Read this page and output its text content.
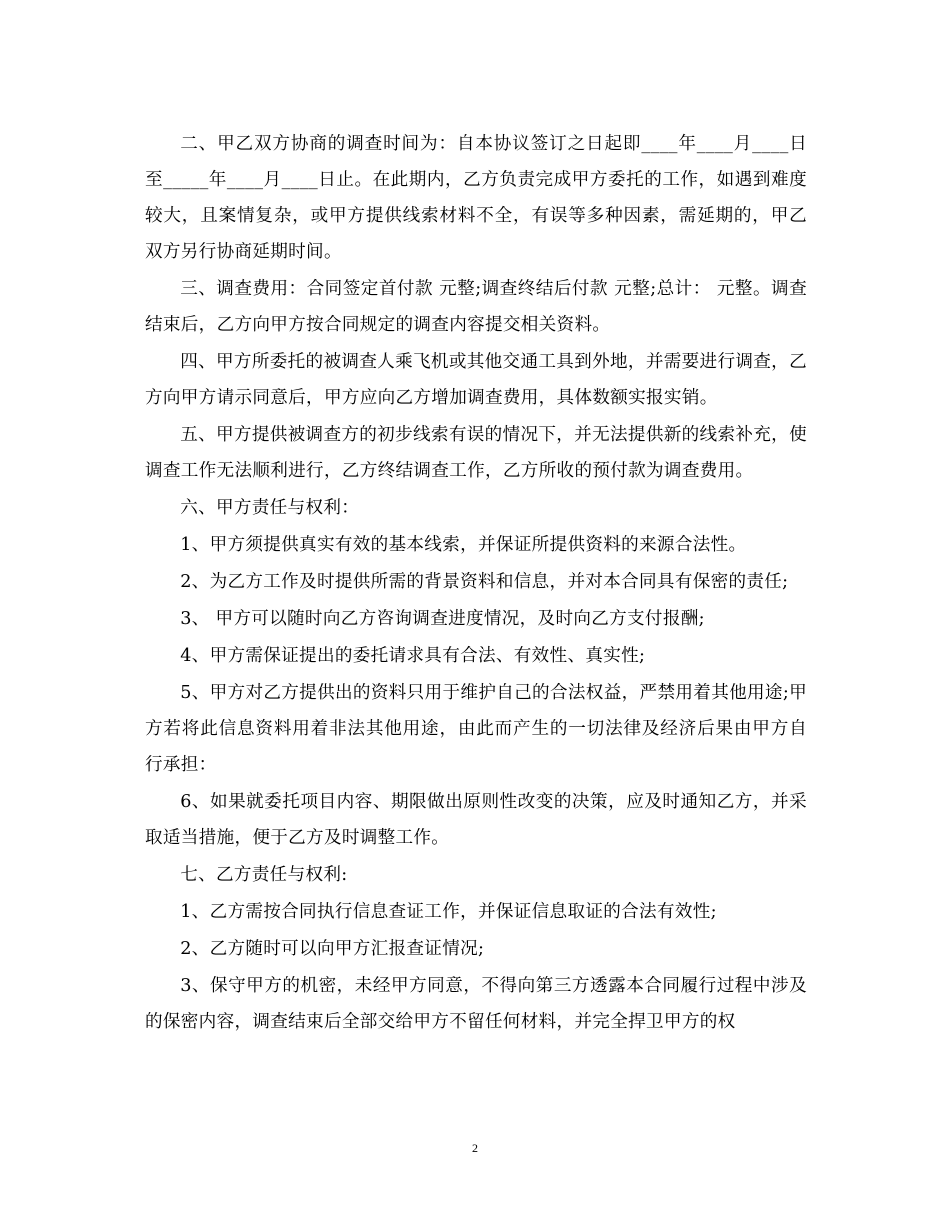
二、甲乙双方协商的调查时间为：自本协议签订之日起即____年____月____日至_____年____月____日止。在此期内，乙方负责完成甲方委托的工作，如遇到难度较大，且案情复杂，或甲方提供线索材料不全，有误等多种因素，需延期的，甲乙双方另行协商延期时间。

三、调查费用：合同签定首付款 元整;调查终结后付款 元整;总计： 元整。调查结束后，乙方向甲方按合同规定的调查内容提交相关资料。

四、甲方所委托的被调查人乘飞机或其他交通工具到外地，并需要进行调查，乙方向甲方请示同意后，甲方应向乙方增加调查费用，具体数额实报实销。

五、甲方提供被调查方的初步线索有误的情况下，并无法提供新的线索补充，使调查工作无法顺利进行，乙方终结调查工作，乙方所收的预付款为调查费用。

六、甲方责任与权利：

1、甲方须提供真实有效的基本线索，并保证所提供资料的来源合法性。

2、为乙方工作及时提供所需的背景资料和信息，并对本合同具有保密的责任;

3、 甲方可以随时向乙方咨询调查进度情况，及时向乙方支付报酬;

4、甲方需保证提出的委托请求具有合法、有效性、真实性;

5、甲方对乙方提供出的资料只用于维护自己的合法权益，严禁用着其他用途;甲方若将此信息资料用着非法其他用途，由此而产生的一切法律及经济后果由甲方自行承担：

6、如果就委托项目内容、期限做出原则性改变的决策，应及时通知乙方，并采取适当措施，便于乙方及时调整工作。

七、乙方责任与权利:

1、乙方需按合同执行信息查证工作，并保证信息取证的合法有效性;

2、乙方随时可以向甲方汇报查证情况;

3、保守甲方的机密，未经甲方同意，不得向第三方透露本合同履行过程中涉及的保密内容，调查结束后全部交给甲方不留任何材料，并完全捍卫甲方的权

2
